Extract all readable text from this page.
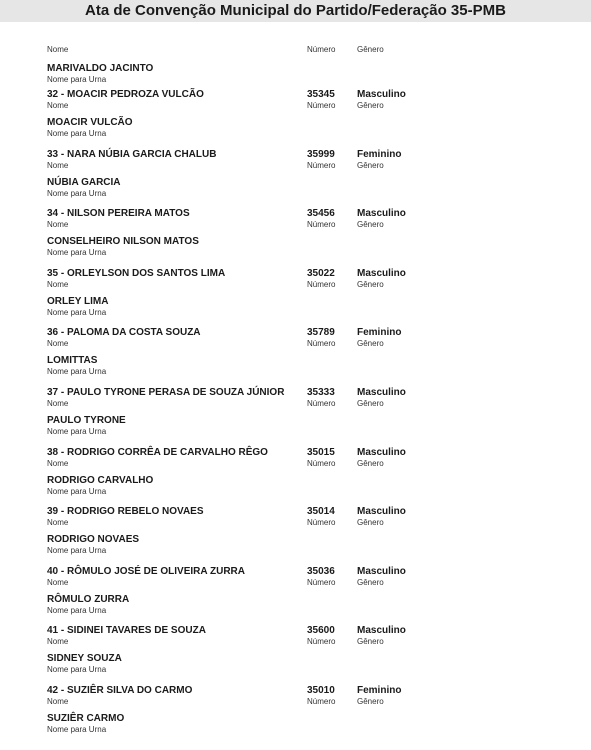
Ata de Convenção Municipal do Partido/Federação 35-PMB
Nome	Número	Gênero
MARIVALDO JACINTO
Nome para Urna
32 - MOACIR PEDROZA VULCÃO	35345 Masculino
Nome	Número	Gênero
MOACIR VULCÃO
Nome para Urna
33 - NARA NÚBIA GARCIA CHALUB	35999 Feminino
Nome	Número	Gênero
NÚBIA GARCIA
Nome para Urna
34 - NILSON PEREIRA MATOS	35456 Masculino
Nome	Número	Gênero
CONSELHEIRO NILSON MATOS
Nome para Urna
35 - ORLEYLSON DOS SANTOS LIMA	35022 Masculino
Nome	Número	Gênero
ORLEY LIMA
Nome para Urna
36 - PALOMA DA COSTA SOUZA	35789 Feminino
Nome	Número	Gênero
LOMITTAS
Nome para Urna
37 - PAULO TYRONE PERASA DE SOUZA JÚNIOR 35333 Masculino
Nome	Número	Gênero
PAULO TYRONE
Nome para Urna
38 - RODRIGO CORRÊA DE CARVALHO RÊGO	35015 Masculino
Nome	Número	Gênero
RODRIGO CARVALHO
Nome para Urna
39 - RODRIGO REBELO NOVAES	35014 Masculino
Nome	Número	Gênero
RODRIGO NOVAES
Nome para Urna
40 - RÔMULO JOSÉ DE OLIVEIRA ZURRA	35036 Masculino
Nome	Número	Gênero
RÔMULO ZURRA
Nome para Urna
41 - SIDINEI TAVARES DE SOUZA	35600 Masculino
Nome	Número	Gênero
SIDNEY SOUZA
Nome para Urna
42 - SUZIÊR SILVA DO CARMO	35010 Feminino
Nome	Número	Gênero
SUZIÊR CARMO
Nome para Urna
